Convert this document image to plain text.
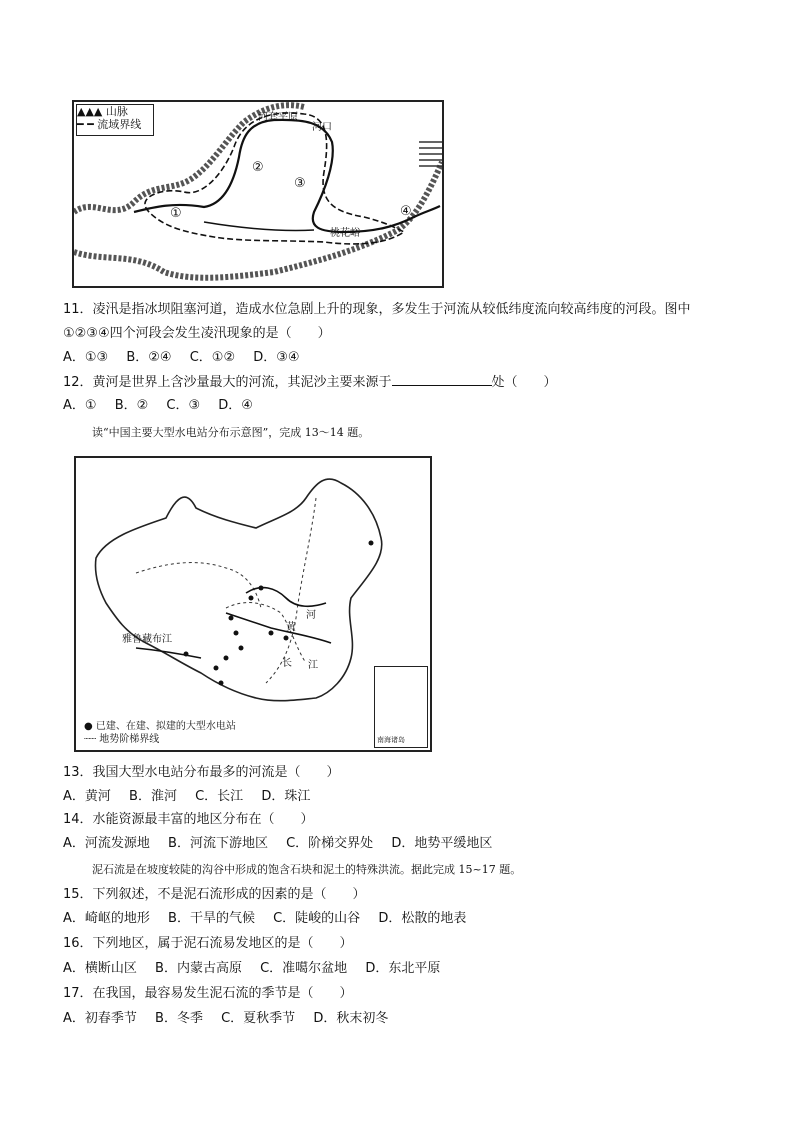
▲▲▲ 山脉
━ ━ 流域界线
河套平原
河口
桃花峪
①
②
③
④
11．凌汛是指冰坝阻塞河道，造成水位急剧上升的现象，多发生于河流从较低纬度流向较高纬度的河段。图中
①②③④四个河段会发生凌汛现象的是（　　）
A．①③ B．②④ C．①② D．③④
12．黄河是世界上含沙量最大的河流，其泥沙主要来源于	处（　　）
A．① B．② C．③ D．④
读“中国主要大型水电站分布示意图”，完成 13～14 题。
雅鲁藏布江
黄
河
长 江
● 已建、在建、拟建的大型水电站
┈┈ 地势阶梯界线	南海诸岛
13．我国大型水电站分布最多的河流是（　　）
A．黄河 B．淮河 C．长江 D．珠江
14．水能资源最丰富的地区分布在（　　）
A．河流发源地 B．河流下游地区 C．阶梯交界处 D．地势平缓地区
泥石流是在坡度较陡的沟谷中形成的饱含石块和泥土的特殊洪流。据此完成 15~17 题。
15．下列叙述，不是泥石流形成的因素的是（　　）
A．崎岖的地形 B．干旱的气候 C．陡峻的山谷 D．松散的地表
16．下列地区，属于泥石流易发地区的是（　　）
A．横断山区 B．内蒙古高原 C．准噶尔盆地 D．东北平原
17．在我国，最容易发生泥石流的季节是（　　）
A．初春季节 B．冬季 C．夏秋季节 D．秋末初冬
